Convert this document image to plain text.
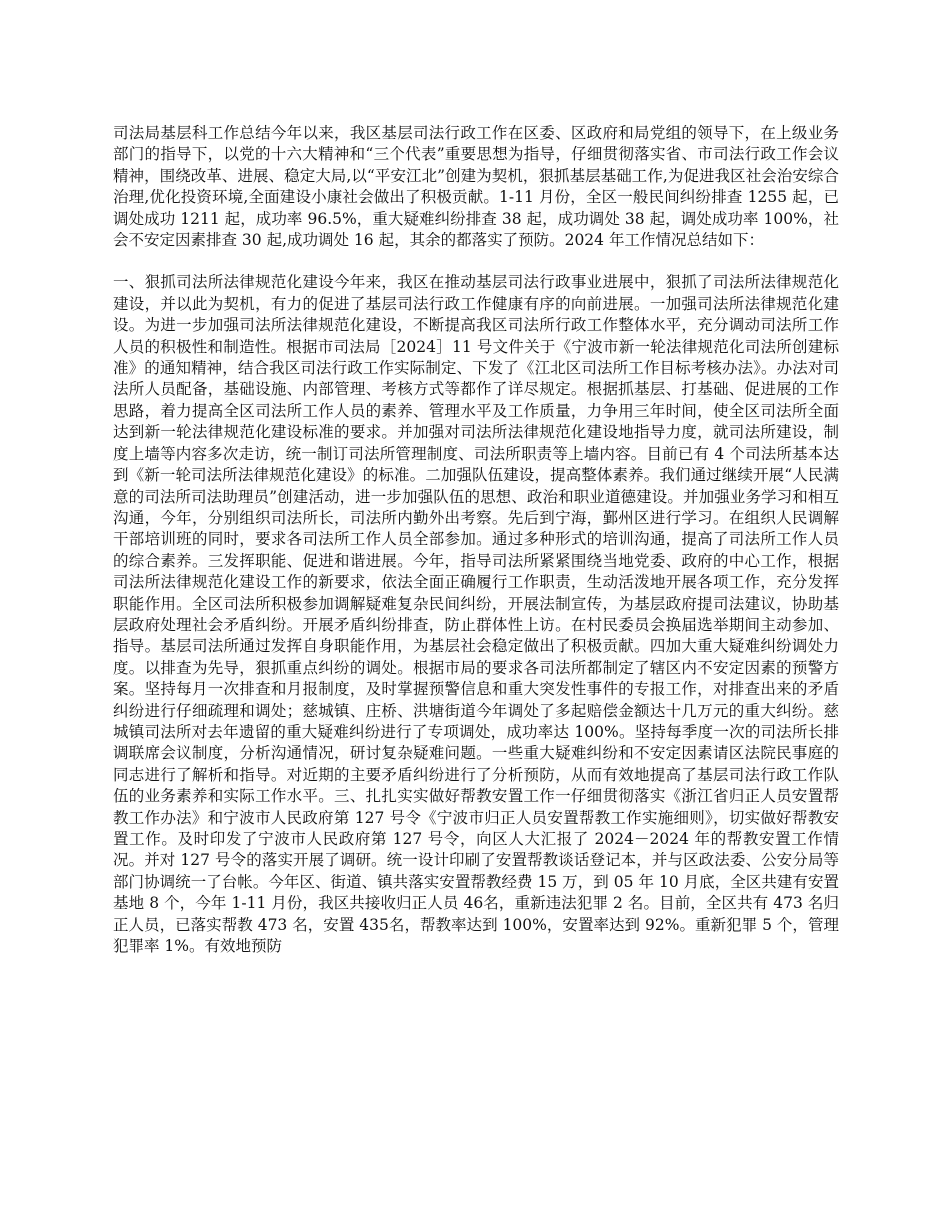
司法局基层科工作总结今年以来，我区基层司法行政工作在区委、区政府和局党组的领导下，在上级业务部门的指导下，以党的十六大精神和“三个代表”重要思想为指导，仔细贯彻落实省、市司法行政工作会议精神，围绕改革、进展、稳定大局,以“平安江北”创建为契机，狠抓基层基础工作,为促进我区社会治安综合治理,优化投资环境,全面建设小康社会做出了积极贡献。1-11 月份，全区一般民间纠纷排查 1255 起，已调处成功 1211 起，成功率 96.5%，重大疑难纠纷排查 38 起，成功调处 38 起，调处成功率 100%，社会不安定因素排查 30 起,成功调处 16 起，其余的都落实了预防。2024 年工作情况总结如下：

一、狠抓司法所法律规范化建设今年来，我区在推动基层司法行政事业进展中，狠抓了司法所法律规范化建设，并以此为契机，有力的促进了基层司法行政工作健康有序的向前进展。一加强司法所法律规范化建设。为进一步加强司法所法律规范化建设，不断提高我区司法所行政工作整体水平，充分调动司法所工作人员的积极性和制造性。根据市司法局［2024］11 号文件关于《宁波市新一轮法律规范化司法所创建标准》的通知精神，结合我区司法行政工作实际制定、下发了《江北区司法所工作目标考核办法》。办法对司法所人员配备，基础设施、内部管理、考核方式等都作了详尽规定。根据抓基层、打基础、促进展的工作思路，着力提高全区司法所工作人员的素养、管理水平及工作质量，力争用三年时间，使全区司法所全面达到新一轮法律规范化建设标准的要求。并加强对司法所法律规范化建设地指导力度，就司法所建设，制度上墙等内容多次走访，统一制订司法所管理制度、司法所职责等上墙内容。目前已有 4 个司法所基本达到《新一轮司法所法律规范化建设》的标准。二加强队伍建设，提高整体素养。我们通过继续开展“人民满意的司法所司法助理员”创建活动，进一步加强队伍的思想、政治和职业道德建设。并加强业务学习和相互沟通，今年，分别组织司法所长，司法所内勤外出考察。先后到宁海，鄞州区进行学习。在组织人民调解干部培训班的同时，要求各司法所工作人员全部参加。通过多种形式的培训沟通，提高了司法所工作人员的综合素养。三发挥职能、促进和谐进展。今年，指导司法所紧紧围绕当地党委、政府的中心工作，根据司法所法律规范化建设工作的新要求，依法全面正确履行工作职责，生动活泼地开展各项工作，充分发挥职能作用。全区司法所积极参加调解疑难复杂民间纠纷，开展法制宣传，为基层政府提司法建议，协助基层政府处理社会矛盾纠纷。开展矛盾纠纷排查，防止群体性上访。在村民委员会换届选举期间主动参加、指导。基层司法所通过发挥自身职能作用，为基层社会稳定做出了积极贡献。四加大重大疑难纠纷调处力度。以排查为先导，狠抓重点纠纷的调处。根据市局的要求各司法所都制定了辖区内不安定因素的预警方案。坚持每月一次排查和月报制度，及时掌握预警信息和重大突发性事件的专报工作，对排查出来的矛盾纠纷进行仔细疏理和调处；慈城镇、庄桥、洪塘街道今年调处了多起赔偿金额达十几万元的重大纠纷。慈城镇司法所对去年遗留的重大疑难纠纷进行了专项调处，成功率达 100%。坚持每季度一次的司法所长排调联席会议制度，分析沟通情况，研讨复杂疑难问题。一些重大疑难纠纷和不安定因素请区法院民事庭的同志进行了解析和指导。对近期的主要矛盾纠纷进行了分析预防，从而有效地提高了基层司法行政工作队伍的业务素养和实际工作水平。三、扎扎实实做好帮教安置工作一仔细贯彻落实《浙江省归正人员安置帮教工作办法》和宁波市人民政府第 127 号令《宁波市归正人员安置帮教工作实施细则》，切实做好帮教安置工作。及时印发了宁波市人民政府第 127 号令，向区人大汇报了 2024－2024 年的帮教安置工作情况。并对 127 号令的落实开展了调研。统一设计印刷了安置帮教谈话登记本，并与区政法委、公安分局等部门协调统一了台帐。今年区、街道、镇共落实安置帮教经费 15 万，到 05 年 10 月底，全区共建有安置基地 8 个，今年 1-11 月份，我区共接收归正人员 46名，重新违法犯罪 2 名。目前，全区共有 473 名归正人员，已落实帮教 473 名，安置 435名，帮教率达到 100%，安置率达到 92%。重新犯罪 5 个，管理犯罪率 1%。有效地预防
